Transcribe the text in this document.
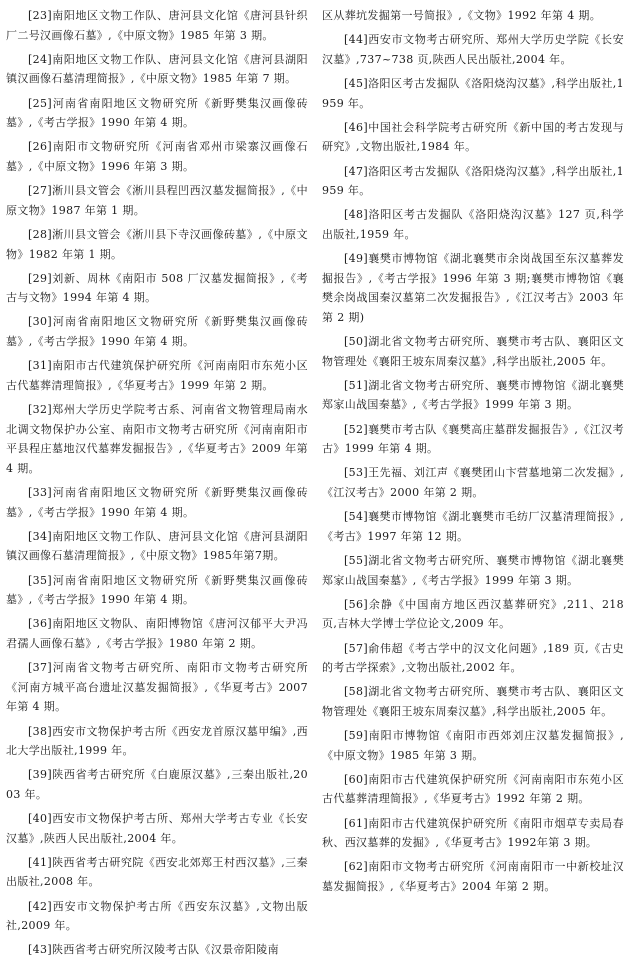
[23]南阳地区文物工作队、唐河县文化馆《唐河县针织厂二号汉画像石墓》,《中原文物》1985 年第 3 期。

[24]南阳地区文物工作队、唐河县文化馆《唐河县湖阳镇汉画像石墓清理简报》,《中原文物》1985 年第 7 期。

[25]河南省南阳地区文物研究所《新野樊集汉画像砖墓》,《考古学报》1990 年第 4 期。

[26]南阳市文物研究所《河南省邓州市梁寨汉画像石墓》,《中原文物》1996 年第 3 期。

[27]淅川县文管会《淅川县程凹西汉墓发掘简报》,《中原文物》1987 年第 1 期。

[28]淅川县文管会《淅川县下寺汉画像砖墓》,《中原文物》1982 年第 1 期。

[29]刘新、周林《南阳市 508 厂汉墓发掘简报》,《考古与文物》1994 年第 4 期。

[30]河南省南阳地区文物研究所《新野樊集汉画像砖墓》,《考古学报》1990 年第 4 期。

[31]南阳市古代建筑保护研究所《河南南阳市东苑小区古代墓葬清理简报》,《华夏考古》1999 年第 2 期。

[32]郑州大学历史学院考古系、河南省文物管理局南水北调文物保护办公室、南阳市文物考古研究所《河南南阳市平县程庄墓地汉代墓葬发掘报告》,《华夏考古》2009 年第 4 期。

[33]河南省南阳地区文物研究所《新野樊集汉画像砖墓》,《考古学报》1990 年第 4 期。

[34]南阳地区文物工作队、唐河县文化馆《唐河县湖阳镇汉画像石墓清理简报》,《中原文物》1985年第7期。

[35]河南省南阳地区文物研究所《新野樊集汉画像砖墓》,《考古学报》1990 年第 4 期。

[36]南阳地区文物队、南阳博物馆《唐河汉郁平大尹冯君孺人画像石墓》,《考古学报》1980 年第 2 期。

[37]河南省文物考古研究所、南阳市文物考古研究所《河南方城平高台遗址汉墓发掘简报》,《华夏考古》2007 年第 4 期。

[38]西安市文物保护考古所《西安龙首原汉墓甲编》,西北大学出版社,1999 年。

[39]陕西省考古研究所《白鹿原汉墓》,三秦出版社,2003 年。

[40]西安市文物保护考古所、郑州大学考古专业《长安汉墓》,陕西人民出版社,2004 年。

[41]陕西省考古研究院《西安北郊郑王村西汉墓》,三秦出版社,2008 年。

[42]西安市文物保护考古所《西安东汉墓》,文物出版社,2009 年。

[43]陕西省考古研究所汉陵考古队《汉景帝阳陵南

区从葬坑发掘第一号简报》,《文物》1992 年第 4 期。

[44]西安市文物考古研究所、郑州大学历史学院《长安汉墓》,737~738 页,陕西人民出版社,2004 年。

[45]洛阳区考古发掘队《洛阳烧沟汉墓》,科学出版社,1959 年。

[46]中国社会科学院考古研究所《新中国的考古发现与研究》,文物出版社,1984 年。

[47]洛阳区考古发掘队《洛阳烧沟汉墓》,科学出版社,1959 年。

[48]洛阳区考古发掘队《洛阳烧沟汉墓》127 页,科学出版社,1959 年。

[49]襄樊市博物馆《湖北襄樊市余岗战国至东汉墓葬发掘报告》,《考古学报》1996 年第 3 期;襄樊市博物馆《襄樊余岗战国秦汉墓第二次发掘报告》,《江汉考古》2003 年第 2 期)

[50]湖北省文物考古研究所、襄樊市考古队、襄阳区文物管理处《襄阳王坡东周秦汉墓》,科学出版社,2005 年。

[51]湖北省文物考古研究所、襄樊市博物馆《湖北襄樊郑家山战国秦墓》,《考古学报》1999 年第 3 期。

[52]襄樊市考古队《襄樊高庄墓群发掘报告》,《江汉考古》1999 年第 4 期。

[53]王先福、刘江声《襄樊团山卞营墓地第二次发掘》,《江汉考古》2000 年第 2 期。

[54]襄樊市博物馆《湖北襄樊市毛纺厂汉墓清理简报》,《考古》1997 年第 12 期。

[55]湖北省文物考古研究所、襄樊市博物馆《湖北襄樊郑家山战国秦墓》,《考古学报》1999 年第 3 期。

[56]余静《中国南方地区西汉墓葬研究》,211、218页,吉林大学博士学位论文,2009 年。

[57]俞伟超《考古学中的汉文化问题》,189 页,《古史的考古学探索》,文物出版社,2002 年。

[58]湖北省文物考古研究所、襄樊市考古队、襄阳区文物管理处《襄阳王坡东周秦汉墓》,科学出版社,2005 年。

[59]南阳市博物馆《南阳市西郊刘庄汉墓发掘简报》,《中原文物》1985 年第 3 期。

[60]南阳市古代建筑保护研究所《河南南阳市东苑小区古代墓葬清理简报》,《华夏考古》1992 年第 2 期。

[61]南阳市古代建筑保护研究所《南阳市烟草专卖局春秋、西汉墓葬的发掘》,《华夏考古》1992年第 3 期。

[62]南阳市文物考古研究所《河南南阳市一中新校址汉墓发掘简报》,《华夏考古》2004 年第 2 期。
